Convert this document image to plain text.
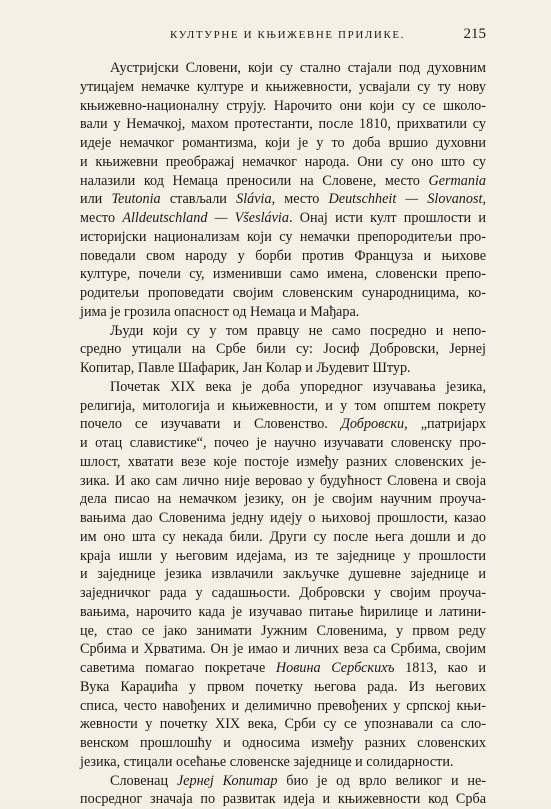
КУЛТУРНЕ И КЊИЖЕВНЕ ПРИЛИКЕ.	215
Аустријски Словени, који су стално стајали под духовним
утицајем немачке културе и књижевности, усвајали су ту нову
књижевно-националну струју. Нарочито они који су се школо-
вали у Немачкој, махом протестанти, после 1810, прихватили су
идеје немачког романтизма, који је у то доба вршио духовни
и књижевни преображај немачког народа. Они су оно што су
налазили код Немаца преносили на Словене, место Germania
или Teutonia стављали Slávia, место Deutschheit — Slovanost,
место Alldeutschland — Všeslávia. Онај исти култ прошлости и
историјски национализам који су немачки препородитељи про-
поведали свом народу у борби против Француза и њихове
културе, почели су, изменивши само имена, словенски препо-
родитељи проповедати својим словенским сународницима, ко-
јима је грозила опасност од Немаца и Мађара.
Људи који су у том правцу не само посредно и непо-
средно утицали на Србе били су: Јосиф Добровски, Јернеј
Копитар, Павле Шафарик, Јан Колар и Људевит Штур.
Почетак XIX века је доба упоредног изучавања језика,
религија, митологија и књижевности, и у том општем покрету
почело се изучавати и Словенство. Добровски, „патријарх
и отац славистике“, почео је научно изучавати словенску про-
шлост, хватати везе које постоје између разних словенских је-
зика. И ако сам лично није веровао у будућност Словена и своја
дела писао на немачком језику, он је својим научним проуча-
вањима дао Словенима једну идеју о њиховој прошлости, казао
им оно шта су некада били. Други су после њега дошли и до
краја ишли у његовим идејама, из те заједнице у прошлости
и заједнице језика извлачили закључке душевне заједнице и
заједничког рада у садашњости. Добровски у својим проуча-
вањима, нарочито када је изучавао питање ћирилице и латини-
це, стао се јако занимати Јужним Словенима, у првом реду
Србима и Хрватима. Он је имао и личних веза са Србима, својим
саветима помагао покретаче Новина Сербскихъ 1813, као и
Вука Караџића у првом почетку његова рада. Из његових
списа, често навођених и делимично превођених у српској књи-
жевности у почетку XIX века, Срби су се упознавали са сло-
венском прошлошћу и односима између разних словенских
језика, стицали осећање словенске заједнице и солидарности.
Словенац Јернеј Копитар био је од врло великог и не-
посредног значаја по развитак идеја и књижевности код Срба
